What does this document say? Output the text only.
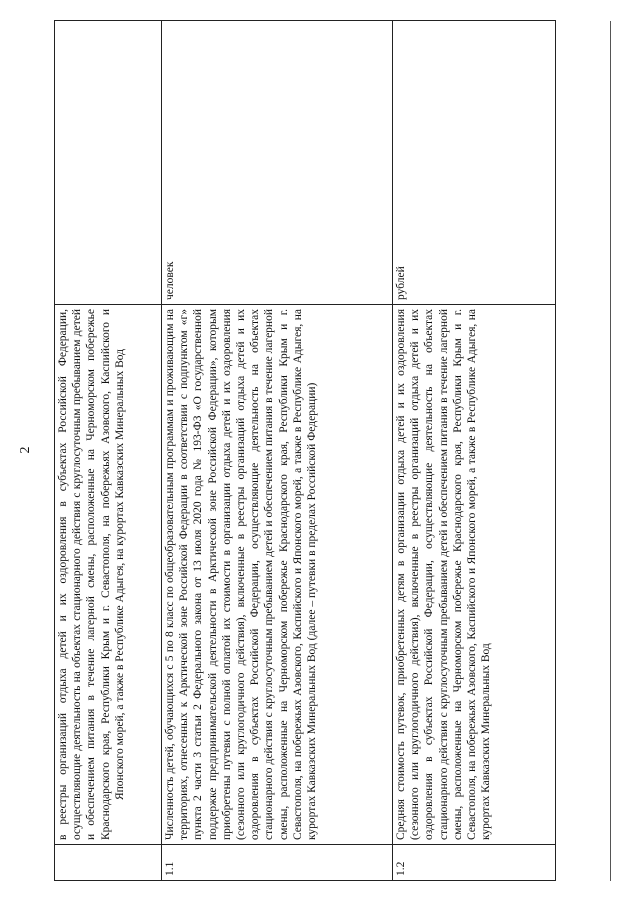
2
	в реестры организаций отдыха детей и их оздоровления в субъектах Российской Федерации, осуществляющие деятельность на объектах стационарного действия с круглосуточным пребыванием детей и обеспечением питания в течение лагерной смены, расположенные на Черноморском побережье Краснодарского края, Республики Крым и г. Севастополя, на побережьях Азовского, Каспийского и Японского морей, а также в Республике Адыгея, на курортах Кавказских Минеральных Вод	
1.1	Численность детей, обучающихся с 5 по 8 класс по общеобразовательным программам и проживающим на территориях, отнесенных к Арктической зоне Российской Федерации в соответствии с подпунктом «г» пункта 2 части 3 статьи 2 Федерального закона от 13 июля 2020 года № 193-ФЗ «О государственной поддержке предпринимательской деятельности в Арктической зоне Российской Федерации», которым приобретены путевки с полной оплатой их стоимости в организации отдыха детей и их оздоровления (сезонного или круглогодичного действия), включенные в реестры организаций отдыха детей и их оздоровления в субъектах Российской Федерации, осуществляющие деятельность на объектах стационарного действия с круглосуточным пребыванием детей и обеспечением питания в течение лагерной смены, расположенные на Черноморском побережье Краснодарского края, Республики Крым и г. Севастополя, на побережьях Азовского, Каспийского и Японского морей, а также в Республике Адыгея, на курортах Кавказских Минеральных Вод (далее – путевки в пределах Российской Федерации)	человек
1.2	Средняя стоимость путевок, приобретенных детям в организации отдыха детей и их оздоровления (сезонного или круглогодичного действия), включенные в реестры организаций отдыха детей и их оздоровления в субъектах Российской Федерации, осуществляющие деятельность на объектах стационарного действия с круглосуточным пребыванием детей и обеспечением питания в течение лагерной смены, расположенные на Черноморском побережье Краснодарского края, Республики Крым и г. Севастополя, на побережьях Азовского, Каспийского и Японского морей, а также в Республике Адыгея, на курортах Кавказских Минеральных Вод	рублей
